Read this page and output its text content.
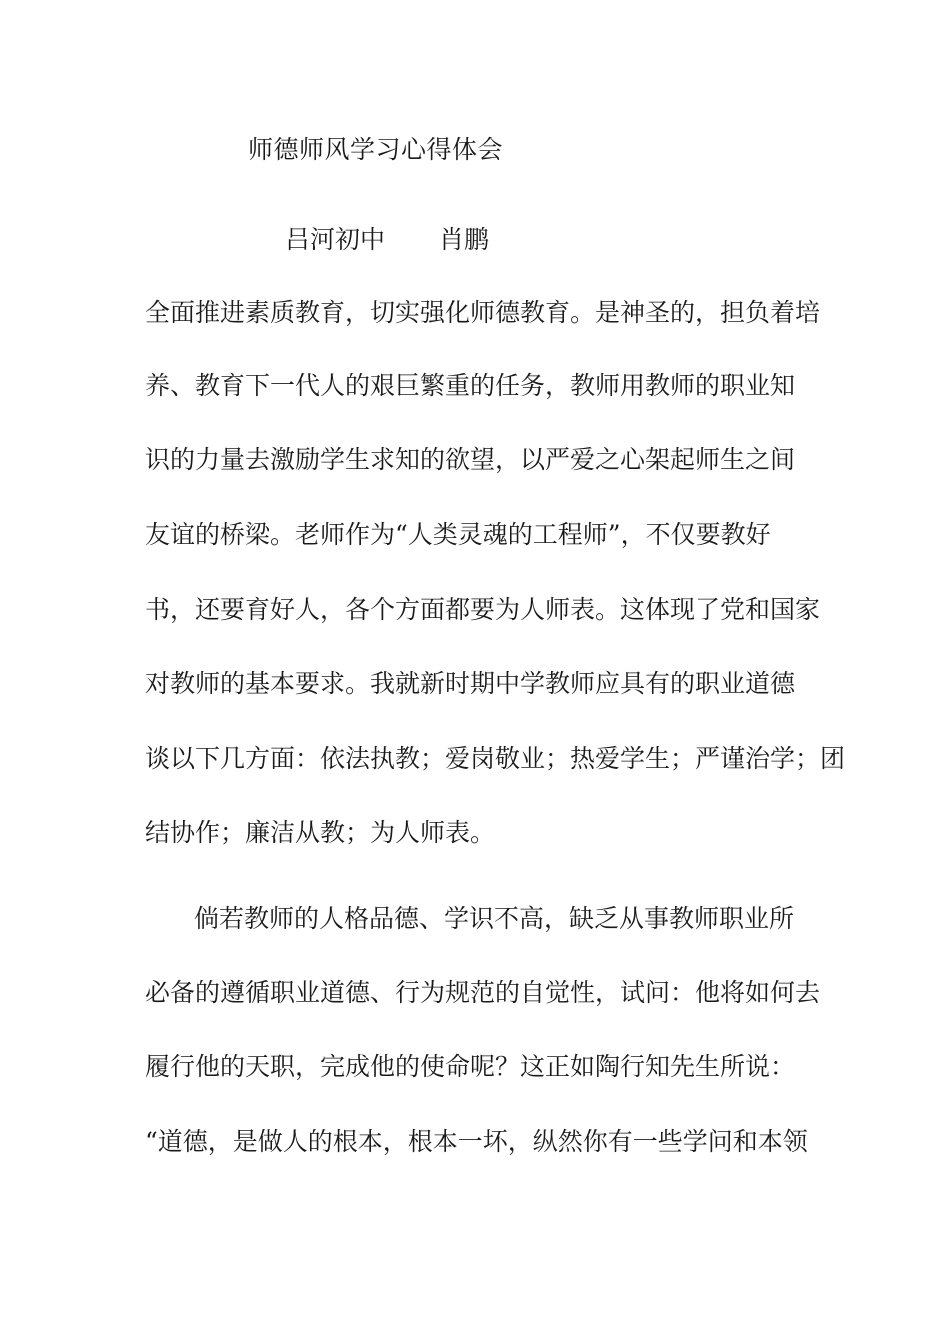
师德师风学习心得体会
吕河初中 肖鹏
全面推进素质教育，切实强化师德教育。是神圣的，担负着培
养、教育下一代人的艰巨繁重的任务，教师用教师的职业知
识的力量去激励学生求知的欲望，以严爱之心架起师生之间
友谊的桥梁。老师作为“人类灵魂的工程师”，不仅要教好
书，还要育好人，各个方面都要为人师表。这体现了党和国家
对教师的基本要求。我就新时期中学教师应具有的职业道德
谈以下几方面：依法执教；爱岗敬业；热爱学生；严谨治学；团
结协作；廉洁从教；为人师表。
倘若教师的人格品德、学识不高，缺乏从事教师职业所
必备的遵循职业道德、行为规范的自觉性，试问：他将如何去
履行他的天职，完成他的使命呢？这正如陶行知先生所说：
“道德，是做人的根本，根本一坏，纵然你有一些学问和本领
